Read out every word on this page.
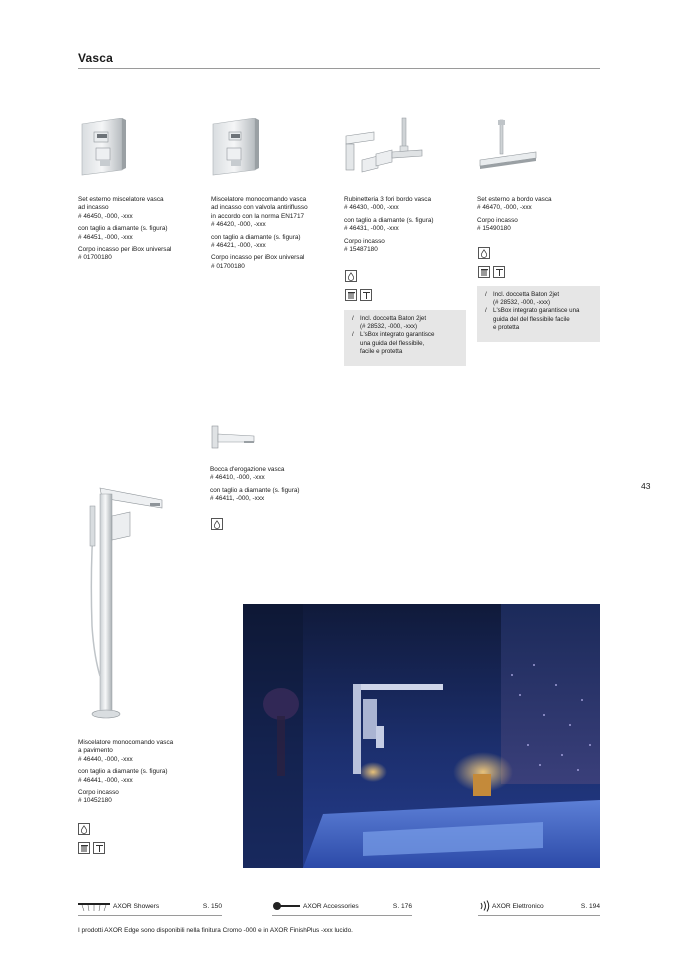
Vasca

Set esterno miscelatore vasca
ad incasso
# 46450, -000, -xxx

con taglio a diamante (s. figura)
# 46451, -000, -xxx

Corpo incasso per iBox universal
# 01700180

Miscelatore monocomando vasca
ad incasso con valvola antiriflusso
in accordo con la norma EN1717
# 46420, -000, -xxx

con taglio a diamante (s. figura)
# 46421, -000, -xxx

Corpo incasso per iBox universal
# 01700180

Rubinetteria 3 fori bordo vasca
# 46430, -000, -xxx

con taglio a diamante (s. figura)
# 46431, -000, -xxx

Corpo incasso
# 15487180

/	Incl. doccetta Baton 2jet
(# 28532, -000, -xxx)
/	L'sBox integrato garantisce
una guida del flessibile,
facile e protetta

Set esterno a bordo vasca
# 46470, -000, -xxx

Corpo incasso
# 15490180

/	Incl. doccetta Baton 2jet
(# 28532, -000, -xxx)
/	L'sBox integrato garantisce una
guida del del flessibile facile
e protetta
43

Bocca d'erogazione vasca
# 46410, -000, -xxx

con taglio a diamante (s. figura)
# 46411, -000, -xxx

Miscelatore monocomando vasca
a pavimento
# 46440, -000, -xxx

con taglio a diamante (s. figura)
# 46441, -000, -xxx

Corpo incasso
# 10452180

AXOR Showers	S. 150	AXOR Accessories	S. 176	AXOR Elettronico	S. 194
I prodotti AXOR Edge sono disponibili nella finitura Cromo -000 e in AXOR FinishPlus -xxx lucido.
